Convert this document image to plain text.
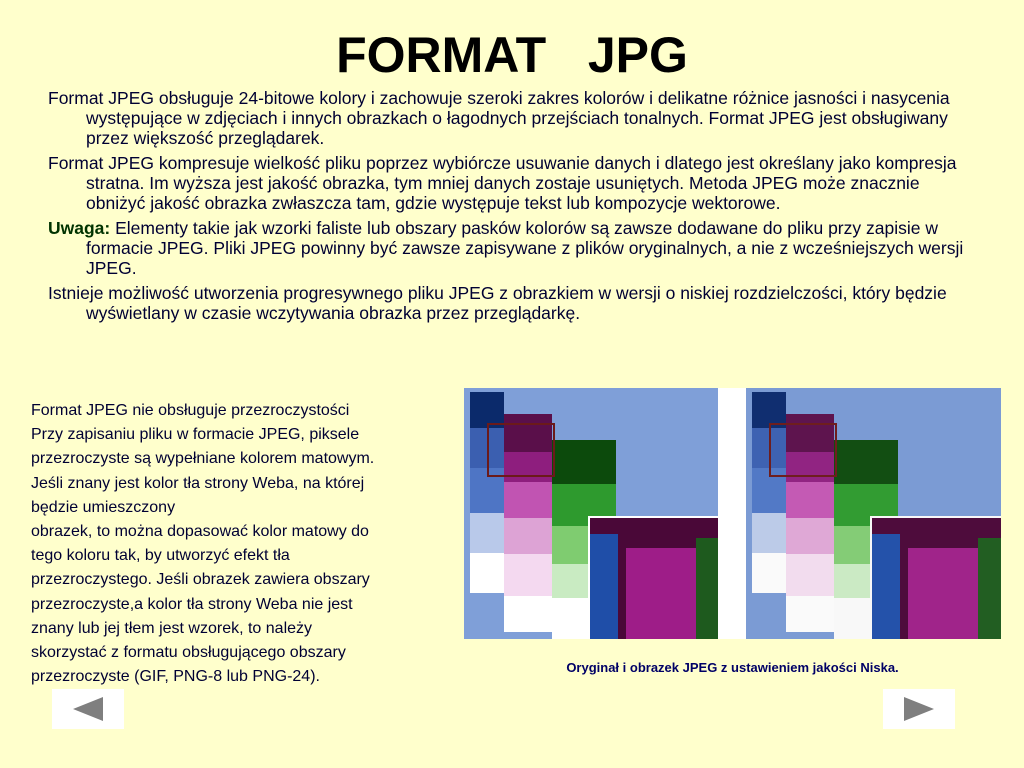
FORMAT   JPG
Format JPEG obsługuje 24-bitowe kolory i zachowuje szeroki zakres kolorów i delikatne różnice jasności i nasycenia występujące w zdjęciach i innych obrazkach o łagodnych przejściach tonalnych. Format JPEG jest obsługiwany przez większość przeglądarek.
Format JPEG kompresuje wielkość pliku poprzez wybiórcze usuwanie danych i dlatego jest określany jako kompresja stratna. Im wyższa jest jakość obrazka, tym mniej danych zostaje usuniętych. Metoda JPEG może znacznie obniżyć jakość obrazka zwłaszcza tam, gdzie występuje tekst lub kompozycje wektorowe.
Uwaga: Elementy takie jak wzorki faliste lub obszary pasków kolorów są zawsze dodawane do pliku przy zapisie w formacie JPEG. Pliki JPEG powinny być zawsze zapisywane z plików oryginalnych, a nie z wcześniejszych wersji JPEG.
Istnieje możliwość utworzenia progresywnego pliku JPEG z obrazkiem w wersji o niskiej rozdzielczości, który będzie wyświetlany w czasie wczytywania obrazka przez przeglądarkę.
Format JPEG nie obsługuje przezroczystości
Przy zapisaniu pliku w formacie JPEG, piksele
przezroczyste są wypełniane kolorem matowym.
Jeśli znany jest kolor tła strony Weba, na której
będzie umieszczony
obrazek, to można dopasować kolor matowy do
tego koloru tak, by utworzyć efekt tła
przezroczystego. Jeśli obrazek zawiera obszary
przezroczyste,a kolor tła strony Weba nie jest
znany lub jej tłem jest wzorek, to należy
skorzystać z formatu obsługującego obszary
przezroczyste (GIF, PNG-8 lub PNG-24).
Oryginał i obrazek JPEG z ustawieniem jakości Niska.
